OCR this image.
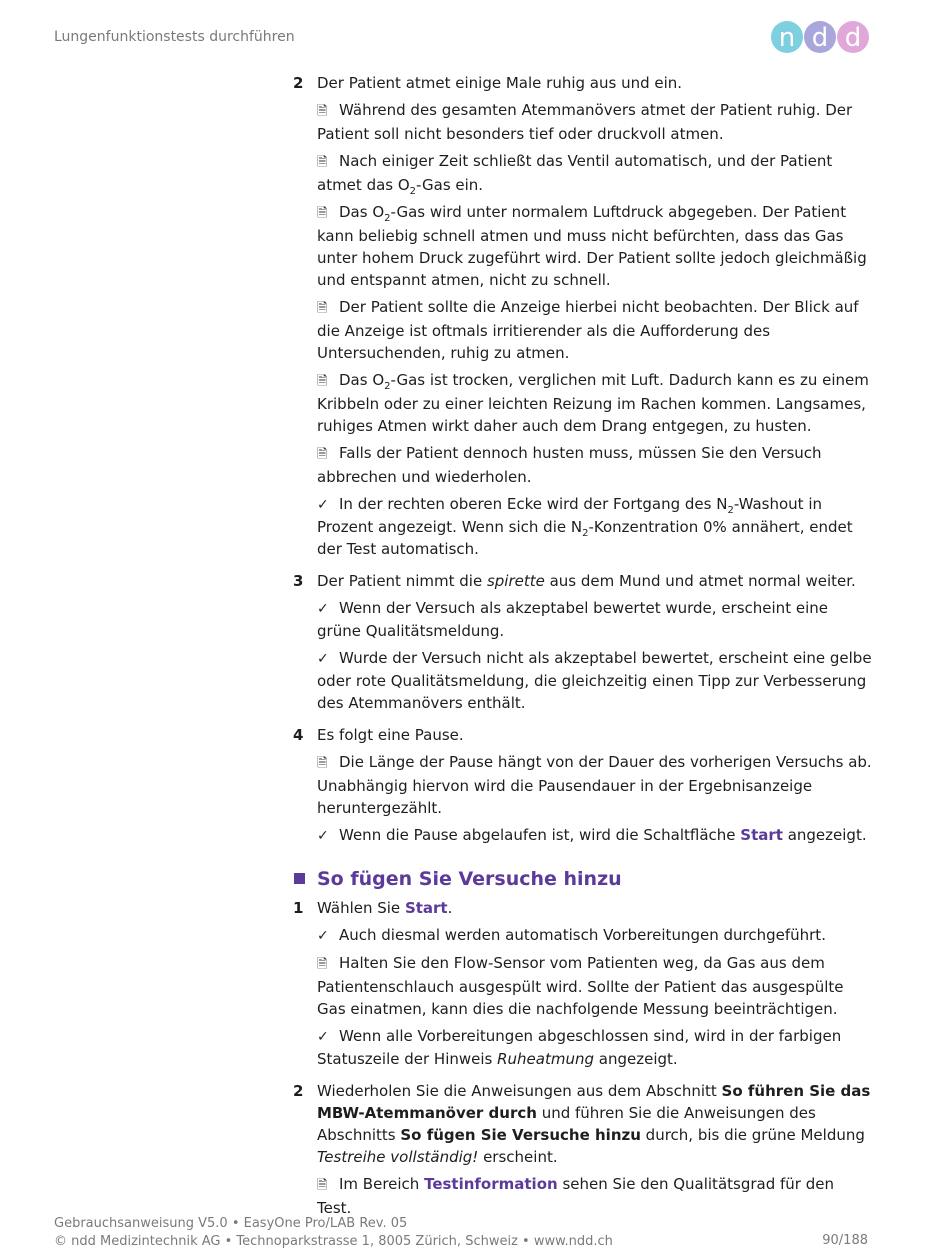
Lungenfunktionstests durchführen	n d d
2 Der Patient atmet einige Male ruhig aus und ein.

🗎 Während des gesamten Atemmanövers atmet der Patient ruhig. Der Patient soll nicht besonders tief oder druckvoll atmen.
🗎 Nach einiger Zeit schließt das Ventil automatisch, und der Patient atmet das $O_2$-Gas ein.
🗎 Das $O_2$-Gas wird unter normalem Luftdruck abgegeben. Der Patient kann beliebig schnell atmen und muss nicht befürchten, dass das Gas unter hohem Druck zugeführt wird. Der Patient sollte jedoch gleichmäßig und entspannt atmen, nicht zu schnell.
🗎 Der Patient sollte die Anzeige hierbei nicht beobachten. Der Blick auf die Anzeige ist oftmals irritierender als die Aufforderung des Untersuchenden, ruhig zu atmen.
🗎 Das $O_2$-Gas ist trocken, verglichen mit Luft. Dadurch kann es zu einem Kribbeln oder zu einer leichten Reizung im Rachen kommen. Langsames, ruhiges Atmen wirkt daher auch dem Drang entgegen, zu husten.
🗎 Falls der Patient dennoch husten muss, müssen Sie den Versuch abbrechen und wiederholen.
✓ In der rechten oberen Ecke wird der Fortgang des $N_2$-Washout in Prozent angezeigt. Wenn sich die $N_2$-Konzentration 0% annähert, endet der Test automatisch.
3 Der Patient nimmt die spirette aus dem Mund und atmet normal weiter.

✓ Wenn der Versuch als akzeptabel bewertet wurde, erscheint eine grüne Qualitätsmeldung.
✓ Wurde der Versuch nicht als akzeptabel bewertet, erscheint eine gelbe oder rote Qualitätsmeldung, die gleichzeitig einen Tipp zur Verbesserung des Atemmanövers enthält.
4 Es folgt eine Pause.

🗎 Die Länge der Pause hängt von der Dauer des vorherigen Versuchs ab. Unabhängig hiervon wird die Pausendauer in der Ergebnisanzeige heruntergezählt.
✓ Wenn die Pause abgelaufen ist, wird die Schaltfläche Start angezeigt.
So fügen Sie Versuche hinzu
1 Wählen Sie Start.

✓ Auch diesmal werden automatisch Vorbereitungen durchgeführt.
🗎 Halten Sie den Flow-Sensor vom Patienten weg, da Gas aus dem Patientenschlauch ausgespült wird. Sollte der Patient das ausgespülte Gas einatmen, kann dies die nachfolgende Messung beeinträchtigen.
✓ Wenn alle Vorbereitungen abgeschlossen sind, wird in der farbigen Statuszeile der Hinweis Ruheatmung angezeigt.
2 Wiederholen Sie die Anweisungen aus dem Abschnitt So führen Sie das MBW-Atemmanöver durch und führen Sie die Anweisungen des Abschnitts So fügen Sie Versuche hinzu durch, bis die grüne Meldung Testreihe vollständig! erscheint.

🗎 Im Bereich Testinformation sehen Sie den Qualitätsgrad für den Test.
Gebrauchsanweisung V5.0 • EasyOne Pro/LAB Rev. 05
© ndd Medizintechnik AG • Technoparkstrasse 1, 8005 Zürich, Schweiz • www.ndd.ch	90/188
